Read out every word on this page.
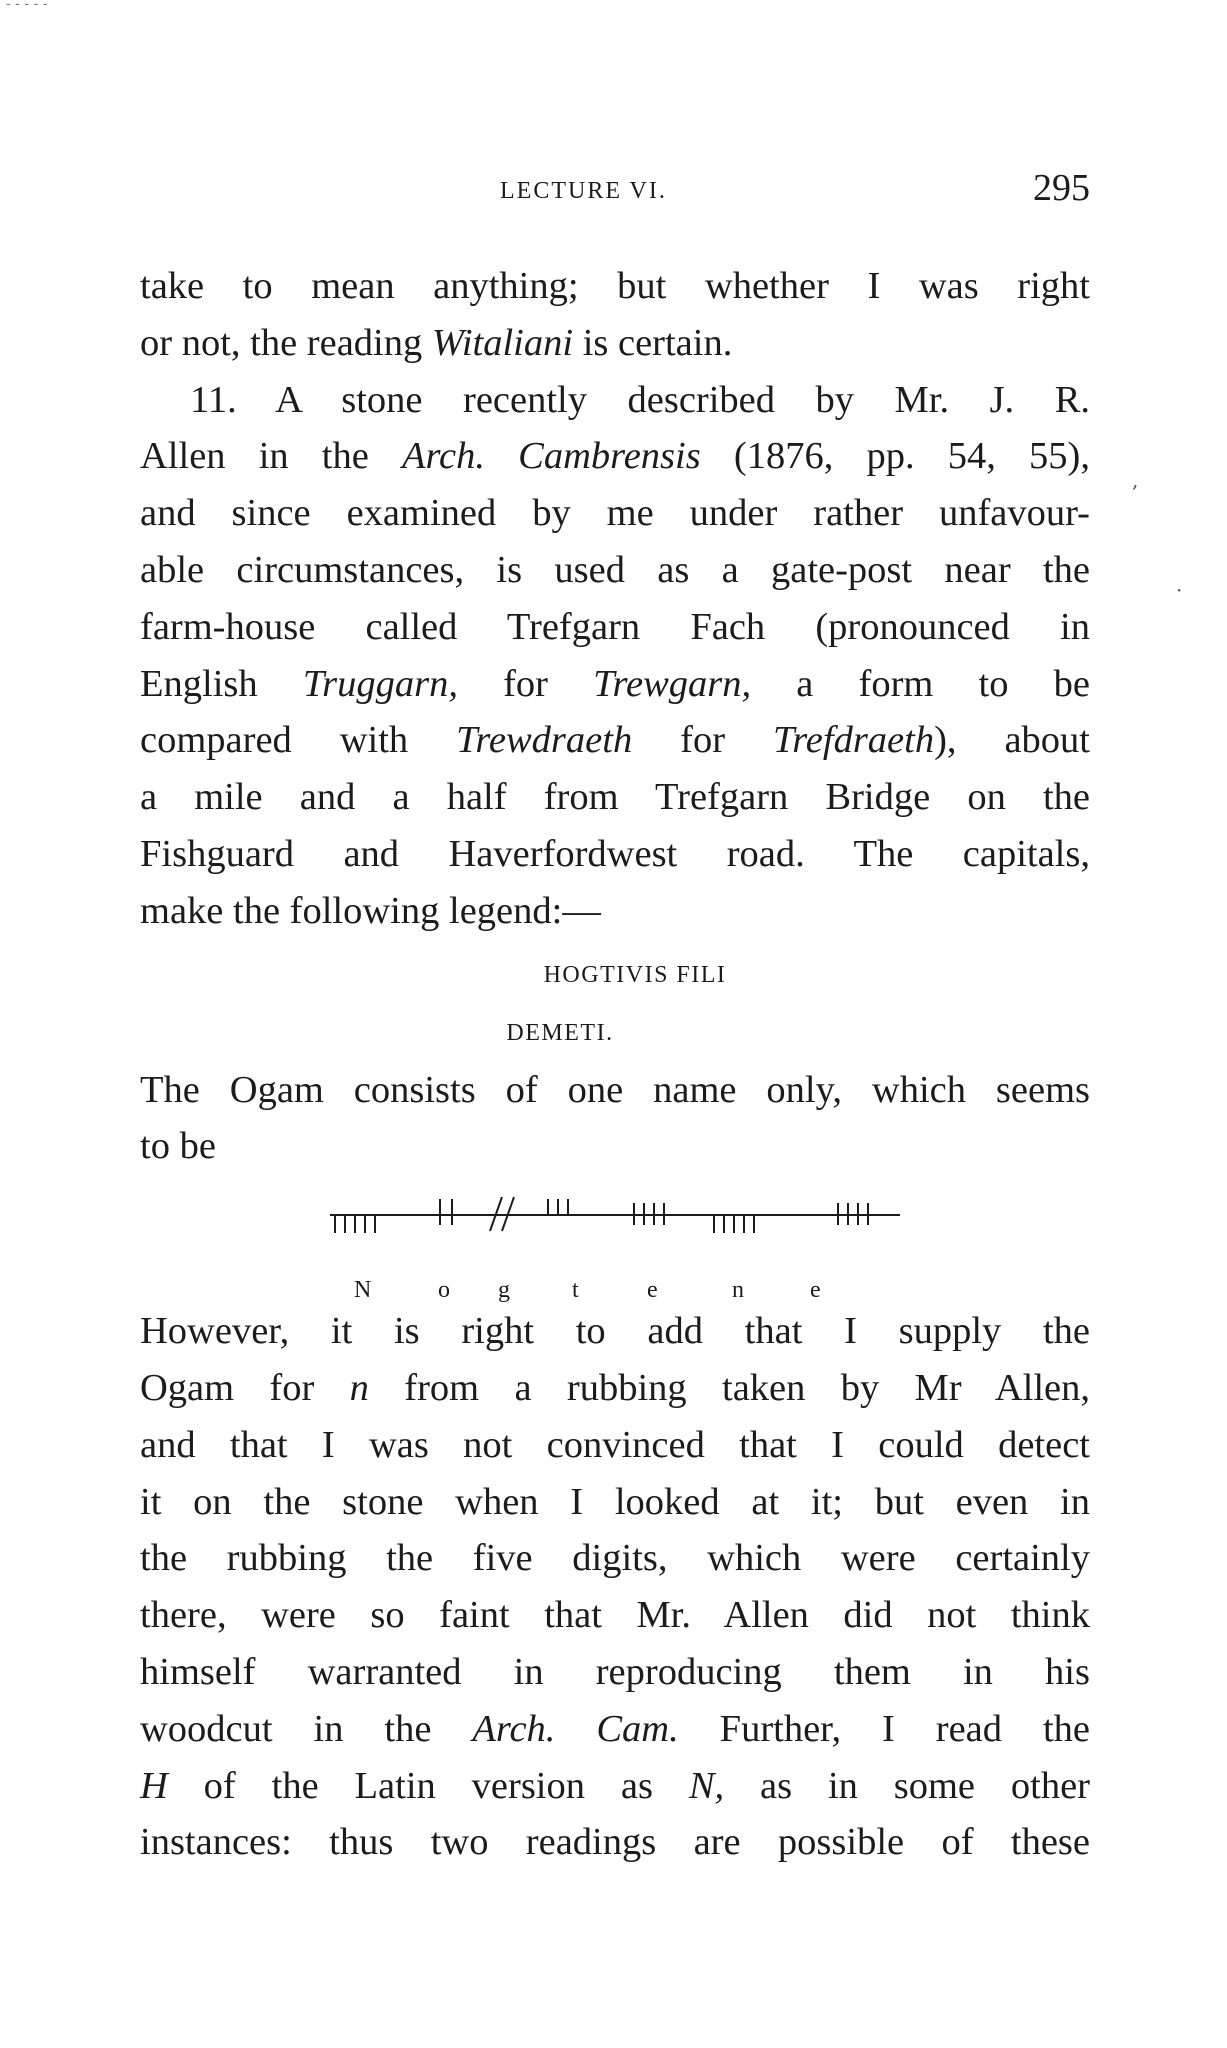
- - - - -
LECTURE VI.	295

take to mean anything; but whether I was right
or not, the reading Witaliani is certain.

11. A stone recently described by Mr. J. R.
Allen in the Arch. Cambrensis (1876, pp. 54, 55),
and since examined by me under rather unfavour-
able circumstances, is used as a gate-post near the
farm-house called Trefgarn Fach (pronounced in
English Truggarn, for Trewgarn, a form to be
compared with Trewdraeth for Trefdraeth), about
a mile and a half from Trefgarn Bridge on the
Fishguard and Haverfordwest road. The capitals,
make the following legend:—

HOGTIVIS FILI
DEMETI.

The Ogam consists of one name only, which seems
to be

N	o g	t	e	n	e

However, it is right to add that I supply the
Ogam for n from a rubbing taken by Mr Allen,
and that I was not convinced that I could detect
it on the stone when I looked at it; but even in
the rubbing the five digits, which were certainly
there, were so faint that Mr. Allen did not think
himself warranted in reproducing them in his
woodcut in the Arch. Cam. Further, I read the
H of the Latin version as N, as in some other
instances: thus two readings are possible of these

,
·
